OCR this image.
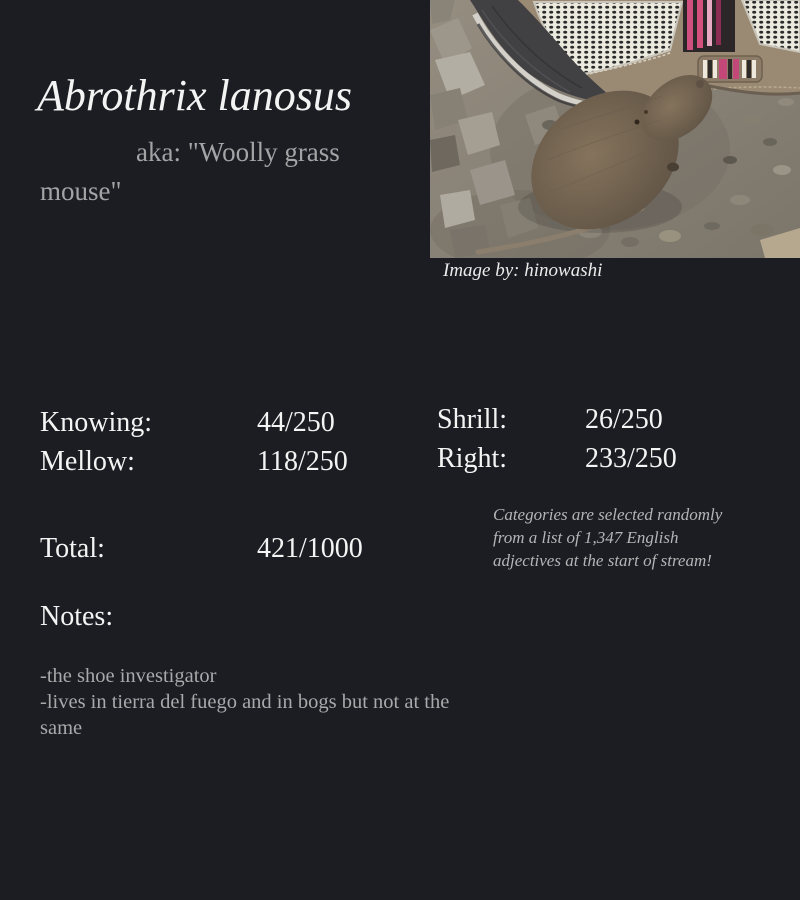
Abrothrix lanosus
aka: "Woolly grass mouse"
Image by: hinowashi
Knowing:	44/250
Mellow:	118/250
Shrill:	26/250
Right:	233/250
Total:	421/1000
Categories are selected randomly from a list of 1,347 English adjectives at the start of stream!
Notes:
-the shoe investigator
-lives in tierra del fuego and in bogs but not at the same
